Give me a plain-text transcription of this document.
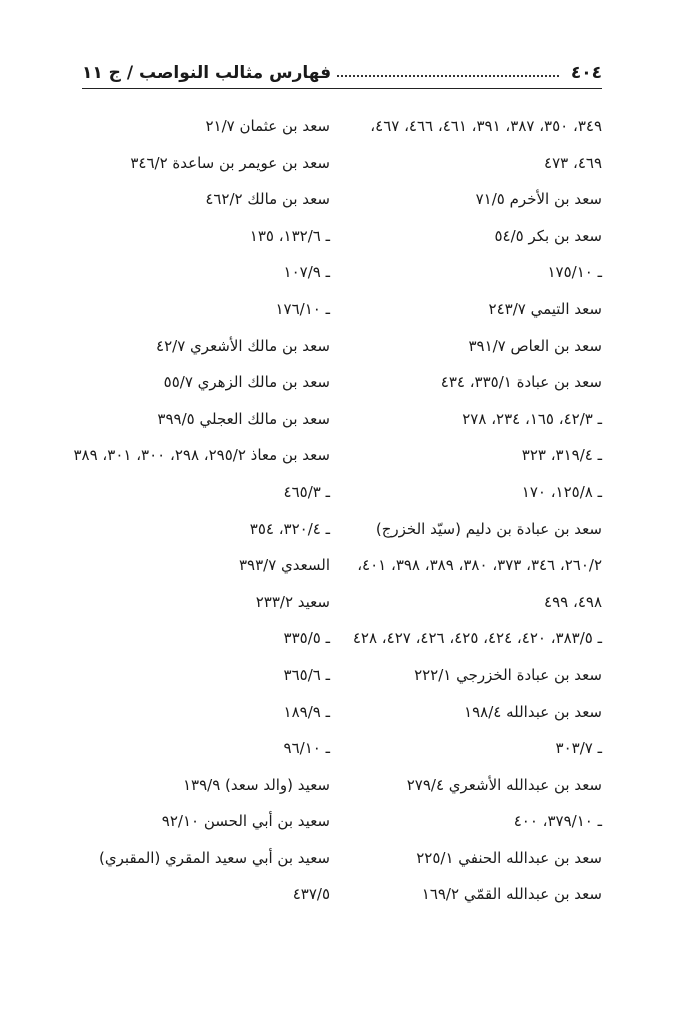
٤٠٤
فهارس مثالب النواصب / ج ١١
٣٤٩، ٣٥٠، ٣٨٧، ٣٩١، ٤٦١، ٤٦٦، ٤٦٧،
٤٦٩، ٤٧٣
سعد بن الأخرم ٧١/٥
سعد بن بكر ٥٤/٥
ـ ١٧٥/١٠
سعد التيمي ٢٤٣/٧
سعد بن العاص ٣٩١/٧
سعد بن عبادة ٣٣٥/١، ٤٣٤
ـ ٤٢/٣، ١٦٥، ٢٣٤، ٢٧٨
ـ ٣١٩/٤، ٣٢٣
ـ ١٢٥/٨، ١٧٠
سعد بن عبادة بن دليم (سيّد الخزرج)
٢٦٠/٢، ٣٤٦، ٣٧٣، ٣٨٠، ٣٨٩، ٣٩٨، ٤٠١،
٤٩٨، ٤٩٩
ـ ٣٨٣/٥، ٤٢٠، ٤٢٤، ٤٢٥، ٤٢٦، ٤٢٧، ٤٢٨
سعد بن عبادة الخزرجي ٢٢٢/١
سعد بن عبدالله ١٩٨/٤
ـ ٣٠٣/٧
سعد بن عبدالله الأشعري ٢٧٩/٤
ـ ٣٧٩/١٠، ٤٠٠
سعد بن عبدالله الحنفي ٢٢٥/١
سعد بن عبدالله القمّي ١٦٩/٢
سعد بن عثمان ٢١/٧
سعد بن عويمر بن ساعدة ٣٤٦/٢
سعد بن مالك ٤٦٢/٢
ـ ١٣٢/٦، ١٣٥
ـ ١٠٧/٩
ـ ١٧٦/١٠
سعد بن مالك الأشعري ٤٢/٧
سعد بن مالك الزهري ٥٥/٧
سعد بن مالك العجلي ٣٩٩/٥
سعد بن معاذ ٢٩٥/٢، ٢٩٨، ٣٠٠، ٣٠١، ٣٨٩
ـ ٤٦٥/٣
ـ ٣٢٠/٤، ٣٥٤
السعدي ٣٩٣/٧
سعيد ٢٣٣/٢
ـ ٣٣٥/٥
ـ ٣٦٥/٦
ـ ١٨٩/٩
ـ ٩٦/١٠
سعيد (والد سعد) ١٣٩/٩
سعيد بن أبي الحسن ٩٢/١٠
سعيد بن أبي سعيد المقري (المقبري)
٤٣٧/٥
